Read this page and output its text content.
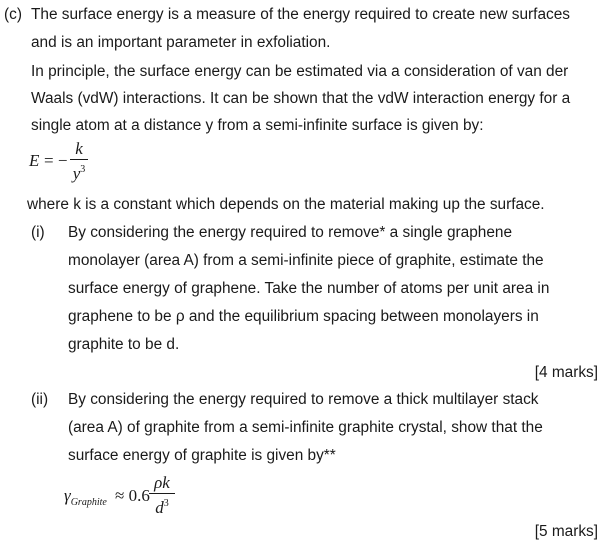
(c) The surface energy is a measure of the energy required to create new surfaces
and is an important parameter in exfoliation.
In principle, the surface energy can be estimated via a consideration of van der
Waals (vdW) interactions. It can be shown that the vdW interaction energy for a
single atom at a distance y from a semi-infinite surface is given by:
E = −
k
$y^3$
where k is a constant which depends on the material making up the surface.
(i) By considering the energy required to remove* a single graphene
monolayer (area A) from a semi-infinite piece of graphite, estimate the
surface energy of graphene. Take the number of atoms per unit area in
graphene to be ρ and the equilibrium spacing between monolayers in
graphite to be d.
[4 marks]
(ii) By considering the energy required to remove a thick multilayer stack
(area A) of graphite from a semi-infinite graphite crystal, show that the
surface energy of graphite is given by**
$\gamma_{Graphite} \approx 0.6$
ρk
$d^3$
[5 marks]
